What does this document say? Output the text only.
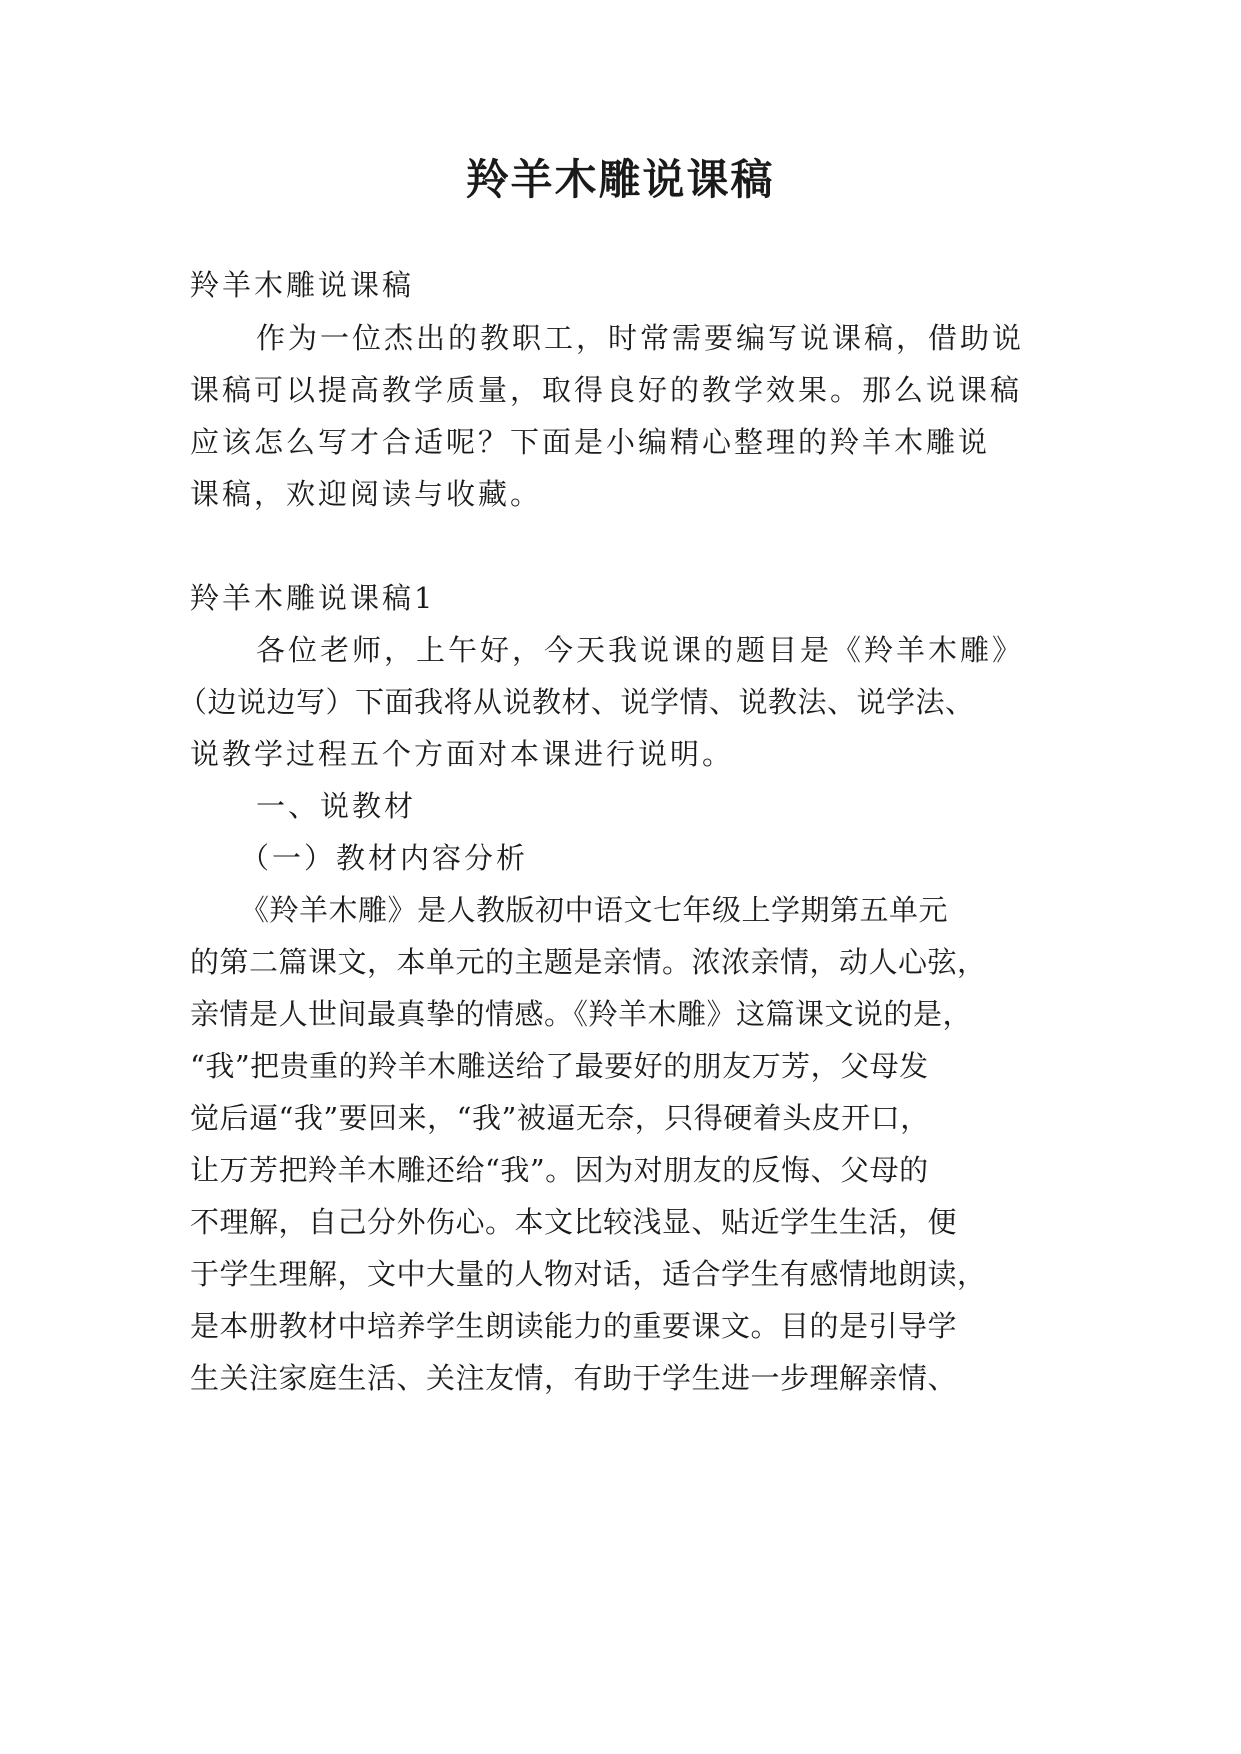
羚羊木雕说课稿

羚羊木雕说课稿

作为一位杰出的教职工，时常需要编写说课稿，借助说

课稿可以提高教学质量，取得良好的教学效果。那么说课稿

应该怎么写才合适呢？下面是小编精心整理的羚羊木雕说

课稿，欢迎阅读与收藏。

羚羊木雕说课稿1

各位老师，上午好，今天我说课的题目是《羚羊木雕》

（边说边写）下面我将从说教材、说学情、说教法、说学法、

说教学过程五个方面对本课进行说明。

一、说教材

（一）教材内容分析

《羚羊木雕》是人教版初中语文七年级上学期第五单元

的第二篇课文，本单元的主题是亲情。浓浓亲情，动人心弦，

亲情是人世间最真挚的情感。《羚羊木雕》这篇课文说的是，

“我”把贵重的羚羊木雕送给了最要好的朋友万芳，父母发

觉后逼“我”要回来，“我”被逼无奈，只得硬着头皮开口，

让万芳把羚羊木雕还给“我”。因为对朋友的反悔、父母的

不理解，自己分外伤心。本文比较浅显、贴近学生生活，便

于学生理解，文中大量的人物对话，适合学生有感情地朗读，

是本册教材中培养学生朗读能力的重要课文。目的是引导学

生关注家庭生活、关注友情，有助于学生进一步理解亲情、
